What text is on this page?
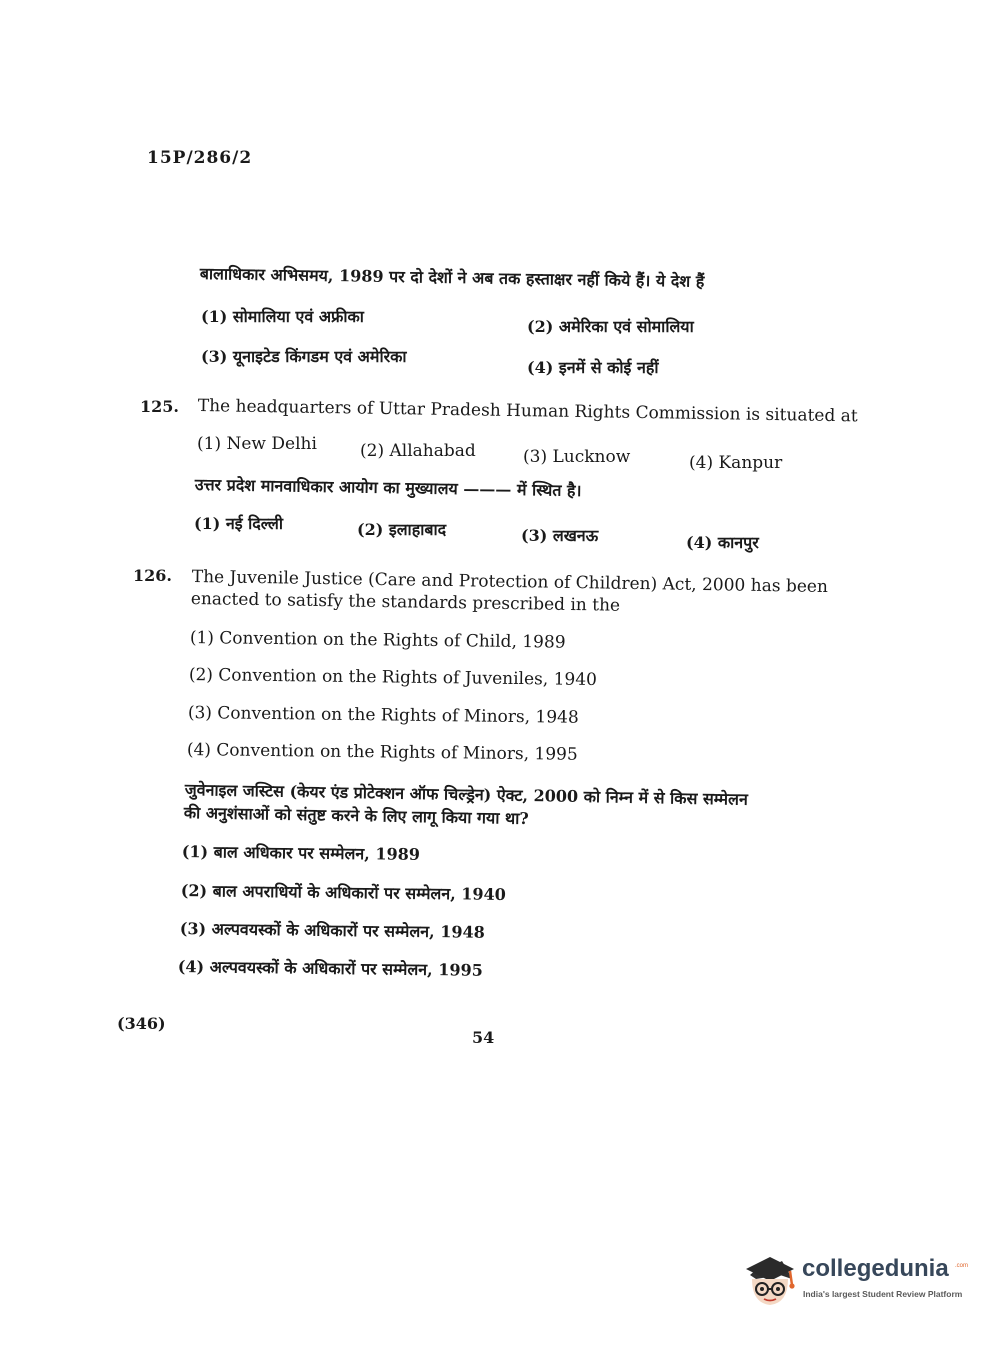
15P/286/2
बालाधिकार अभिसमय, 1989 पर दो देशों ने अब तक हस्ताक्षर नहीं किये हैं। ये देश हैं
(1) सोमालिया एवं अफ्रीका
(2) अमेरिका एवं सोमालिया
(3) यूनाइटेड किंगडम एवं अमेरिका
(4) इनमें से कोई नहीं
125. The headquarters of Uttar Pradesh Human Rights Commission is situated at
(1) New Delhi	(2) Allahabad	(3) Lucknow	(4) Kanpur
उत्तर प्रदेश मानवाधिकार आयोग का मुख्यालय ——— में स्थित है।
(1) नई दिल्ली	(2) इलाहाबाद	(3) लखनऊ	(4) कानपुर
126. The Juvenile Justice (Care and Protection of Children) Act, 2000 has been
enacted to satisfy the standards prescribed in the
(1) Convention on the Rights of Child, 1989
(2) Convention on the Rights of Juveniles, 1940
(3) Convention on the Rights of Minors, 1948
(4) Convention on the Rights of Minors, 1995
जुवेनाइल जस्टिस (केयर एंड प्रोटेक्शन ऑफ चिल्ड्रेन) ऐक्ट, 2000 को निम्न में से किस सम्मेलन
की अनुशंसाओं को संतुष्ट करने के लिए लागू किया गया था?
(1) बाल अधिकार पर सम्मेलन, 1989
(2) बाल अपराधियों के अधिकारों पर सम्मेलन, 1940
(3) अल्पवयस्कों के अधिकारों पर सम्मेलन, 1948
(4) अल्पवयस्कों के अधिकारों पर सम्मेलन, 1995
(346)
54
collegedunia .com
India's largest Student Review Platform
